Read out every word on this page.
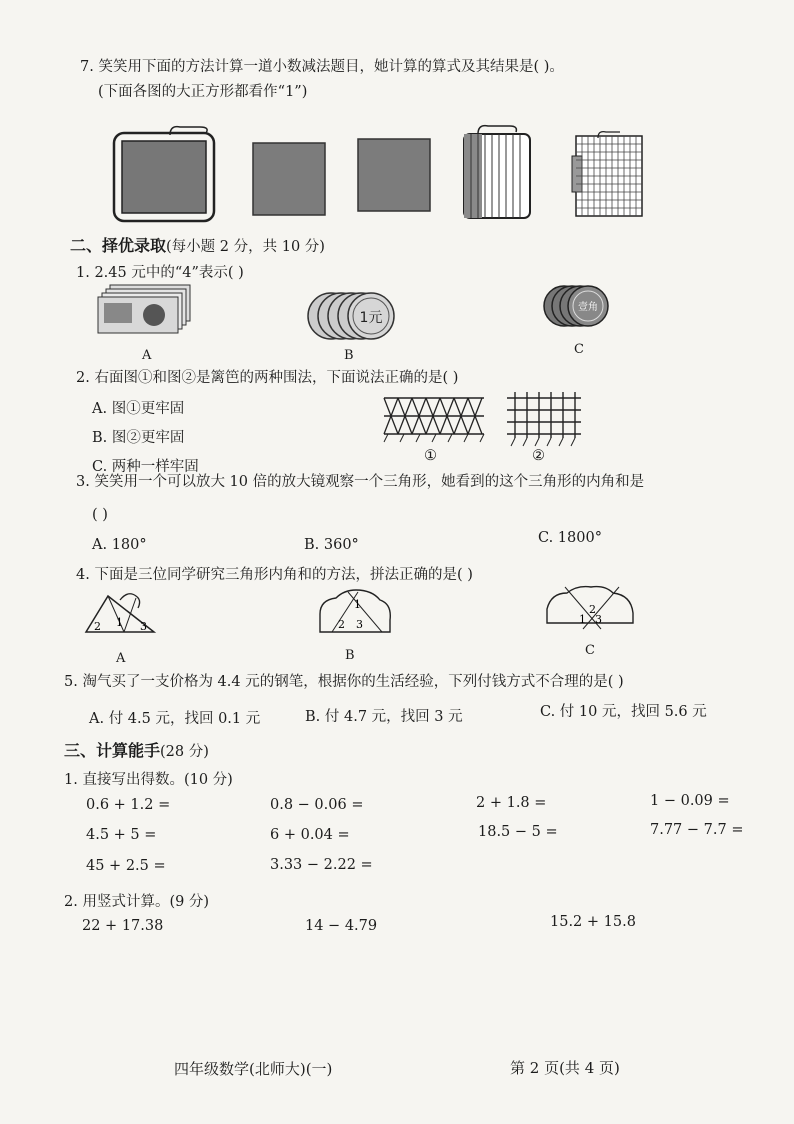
7. 笑笑用下面的方法计算一道小数减法题目，她计算的算式及其结果是( )。
(下面各图的大正方形都看作“1”)
二、择优录取(每小题 2 分，共 10 分)
1. 2.45 元中的“4”表示( )
A
1元
B
壹角
C
2. 右面图①和图②是篱笆的两种围法，下面说法正确的是( )
A. 图①更牢固
B. 图②更牢固
C. 两种一样牢固
①	②
3. 笑笑用一个可以放大 10 倍的放大镜观察一个三角形，她看到的这个三角形的内角和是
( )
A. 180°	B. 360°	C. 1800°
4. 下面是三位同学研究三角形内角和的方法，拼法正确的是( )
2 1 3
A
1
2 3
B
1
2
3
C
5. 淘气买了一支价格为 4.4 元的钢笔，根据你的生活经验，下列付钱方式不合理的是( )
A. 付 4.5 元，找回 0.1 元	B. 付 4.7 元，找回 3 元	C. 付 10 元，找回 5.6 元
三、计算能手(28 分)
1. 直接写出得数。(10 分)
0.6 + 1.2 =	0.8 − 0.06 =	2 + 1.8 =	1 − 0.09 =
4.5 + 5 =	6 + 0.04 =	18.5 − 5 =	7.77 − 7.7 =
45 + 2.5 =	3.33 − 2.22 =
2. 用竖式计算。(9 分)
22 + 17.38	14 − 4.79	15.2 + 15.8
四年级数学(北师大)(一)	第 2 页(共 4 页)
